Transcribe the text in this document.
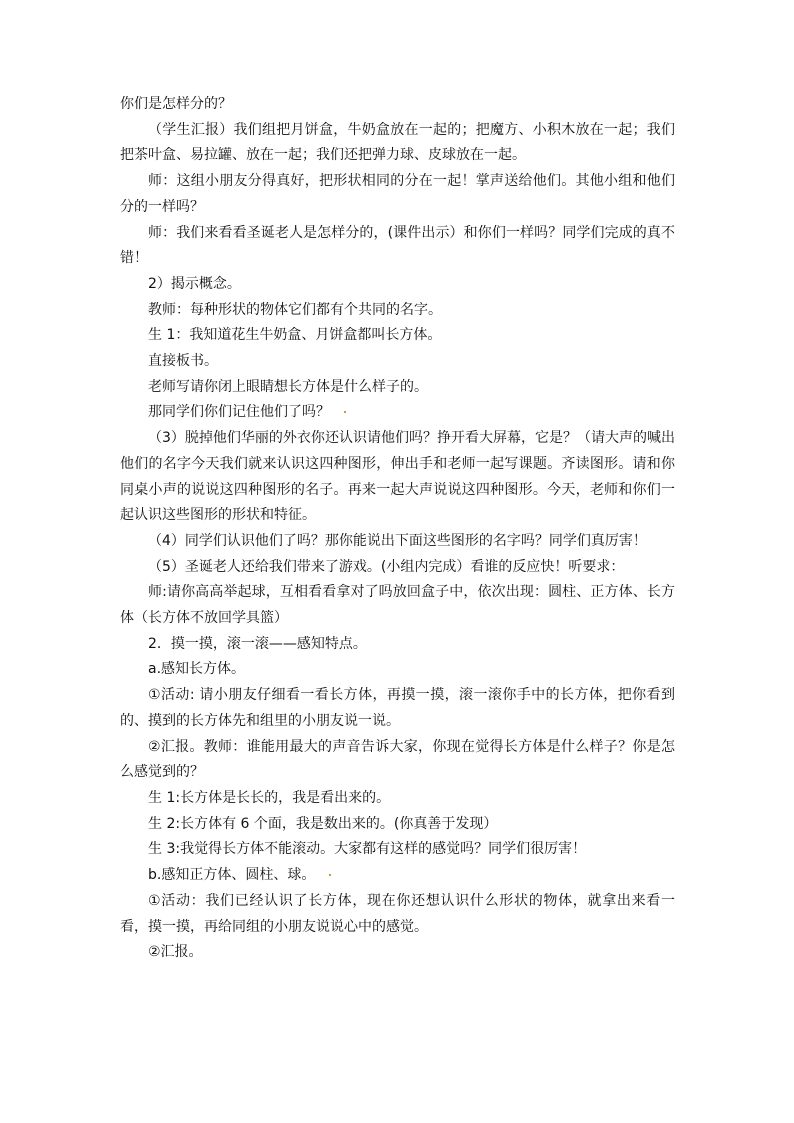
你们是怎样分的？

（学生汇报）我们组把月饼盒，牛奶盒放在一起的；把魔方、小积木放在一起；我们把茶叶盒、易拉罐、放在一起；我们还把弹力球、皮球放在一起。

师：这组小朋友分得真好，把形状相同的分在一起！掌声送给他们。其他小组和他们分的一样吗？

师：我们来看看圣诞老人是怎样分的，(课件出示）和你们一样吗？同学们完成的真不错！

2）揭示概念。

教师：每种形状的物体它们都有个共同的名字。

生 1：我知道花生牛奶盒、月饼盒都叫长方体。

直接板书。

老师写请你闭上眼睛想长方体是什么样子的。

那同学们你们记住他们了吗？

（3）脱掉他们华丽的外衣你还认识请他们吗？挣开看大屏幕，它是？（请大声的喊出他们的名字今天我们就来认识这四种图形，伸出手和老师一起写课题。齐读图形。请和你同桌小声的说说这四种图形的名子。再来一起大声说说这四种图形。今天，老师和你们一起认识这些图形的形状和特征。

（4）同学们认识他们了吗？那你能说出下面这些图形的名字吗？同学们真厉害！

（5）圣诞老人还给我们带来了游戏。(小组内完成）看谁的反应快！听要求：

师:请你高高举起球，互相看看拿对了吗放回盒子中，依次出现：圆柱、正方体、长方体（长方体不放回学具篮）

2．摸一摸，滚一滚——感知特点。

a.感知长方体。

①活动: 请小朋友仔细看一看长方体，再摸一摸，滚一滚你手中的长方体，把你看到的、摸到的长方体先和组里的小朋友说一说。

②汇报。教师：谁能用最大的声音告诉大家，你现在觉得长方体是什么样子？你是怎么感觉到的？

生 1:长方体是长长的，我是看出来的。

生 2:长方体有 6 个面，我是数出来的。(你真善于发现）

生 3:我觉得长方体不能滚动。大家都有这样的感觉吗？同学们很厉害！

b.感知正方体、圆柱、球。

①活动：我们已经认识了长方体，现在你还想认识什么形状的物体，就拿出来看一看，摸一摸，再给同组的小朋友说说心中的感觉。

②汇报。
